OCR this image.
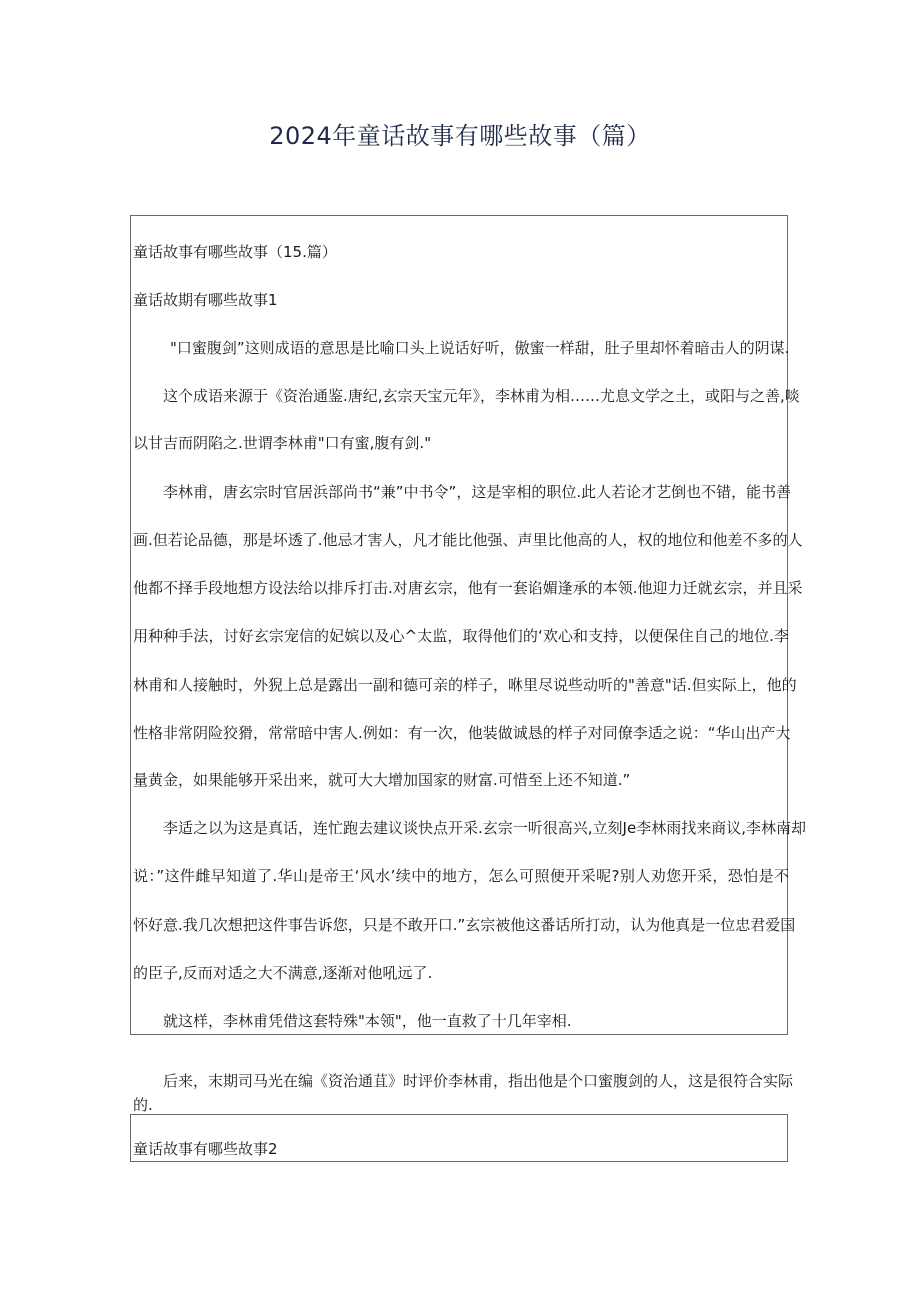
2024年童话故事有哪些故事（篇）
童话故事有哪些故事（15.篇）
童话故期有哪些故事1
"口蜜腹剑”这则成语的意思是比喻口头上说话好听，傲蜜一样甜，肚子里却怀着暗击人的阴谋.
这个成语来源于《资治通鉴.唐纪,玄宗天宝元年》，李林甫为相……尤息文学之土，或阳与之善,啖
以甘吉而阴陷之.世谓李林甫"口有蜜,腹有剑."
李林甫，唐玄宗时官居浜部尚书“兼”中书令”，这是宰相的职位.此人若论才艺倒也不错，能书善
画.但若论品德，那是坏透了.他忌才害人，凡才能比他强、声里比他高的人，权的地位和他差不多的人
他都不择手段地想方设法给以排斥打击.对唐玄宗，他有一套谄媚逢承的本领.他迎力迁就玄宗，并且采
用种种手法，讨好玄宗宠信的妃嫔以及心^太监，取得他们的‘欢心和支持，以便保住自己的地位.李
林甫和人接触时，外猊上总是露出一副和德可亲的样子，咻里尽说些动听的"善意"话.但实际上，他的
性格非常阴险狡猾，常常暗中害人.例如：有一次，他装做诚恳的样子对同僚李适之说：“华山出产大
量黄金，如果能够开采出来，就可大大增加国家的财富.可惜至上还不知道.”
李适之以为这是真话，连忙跑去建议谈快点开采.玄宗一听很高兴,立刻Je李林雨找来商议,李林南却
说：”这件雌早知道了.华山是帝王‘风水’续中的地方，怎么可照便开采呢?别人劝您开采，恐怕是不
怀好意.我几次想把这件事告诉您，只是不敢开口.”玄宗被他这番话所打动，认为他真是一位忠君爱国
的臣子,反而对适之大不满意,逐渐对他吼远了.
就这样，李林甫凭借这套特殊"本领"，他一直救了十几年宰相.
后来，末期司马光在编《资治通苴》时评价李林甫，指出他是个口蜜腹剑的人，这是很符合实际
的.
童话故事有哪些故事2
